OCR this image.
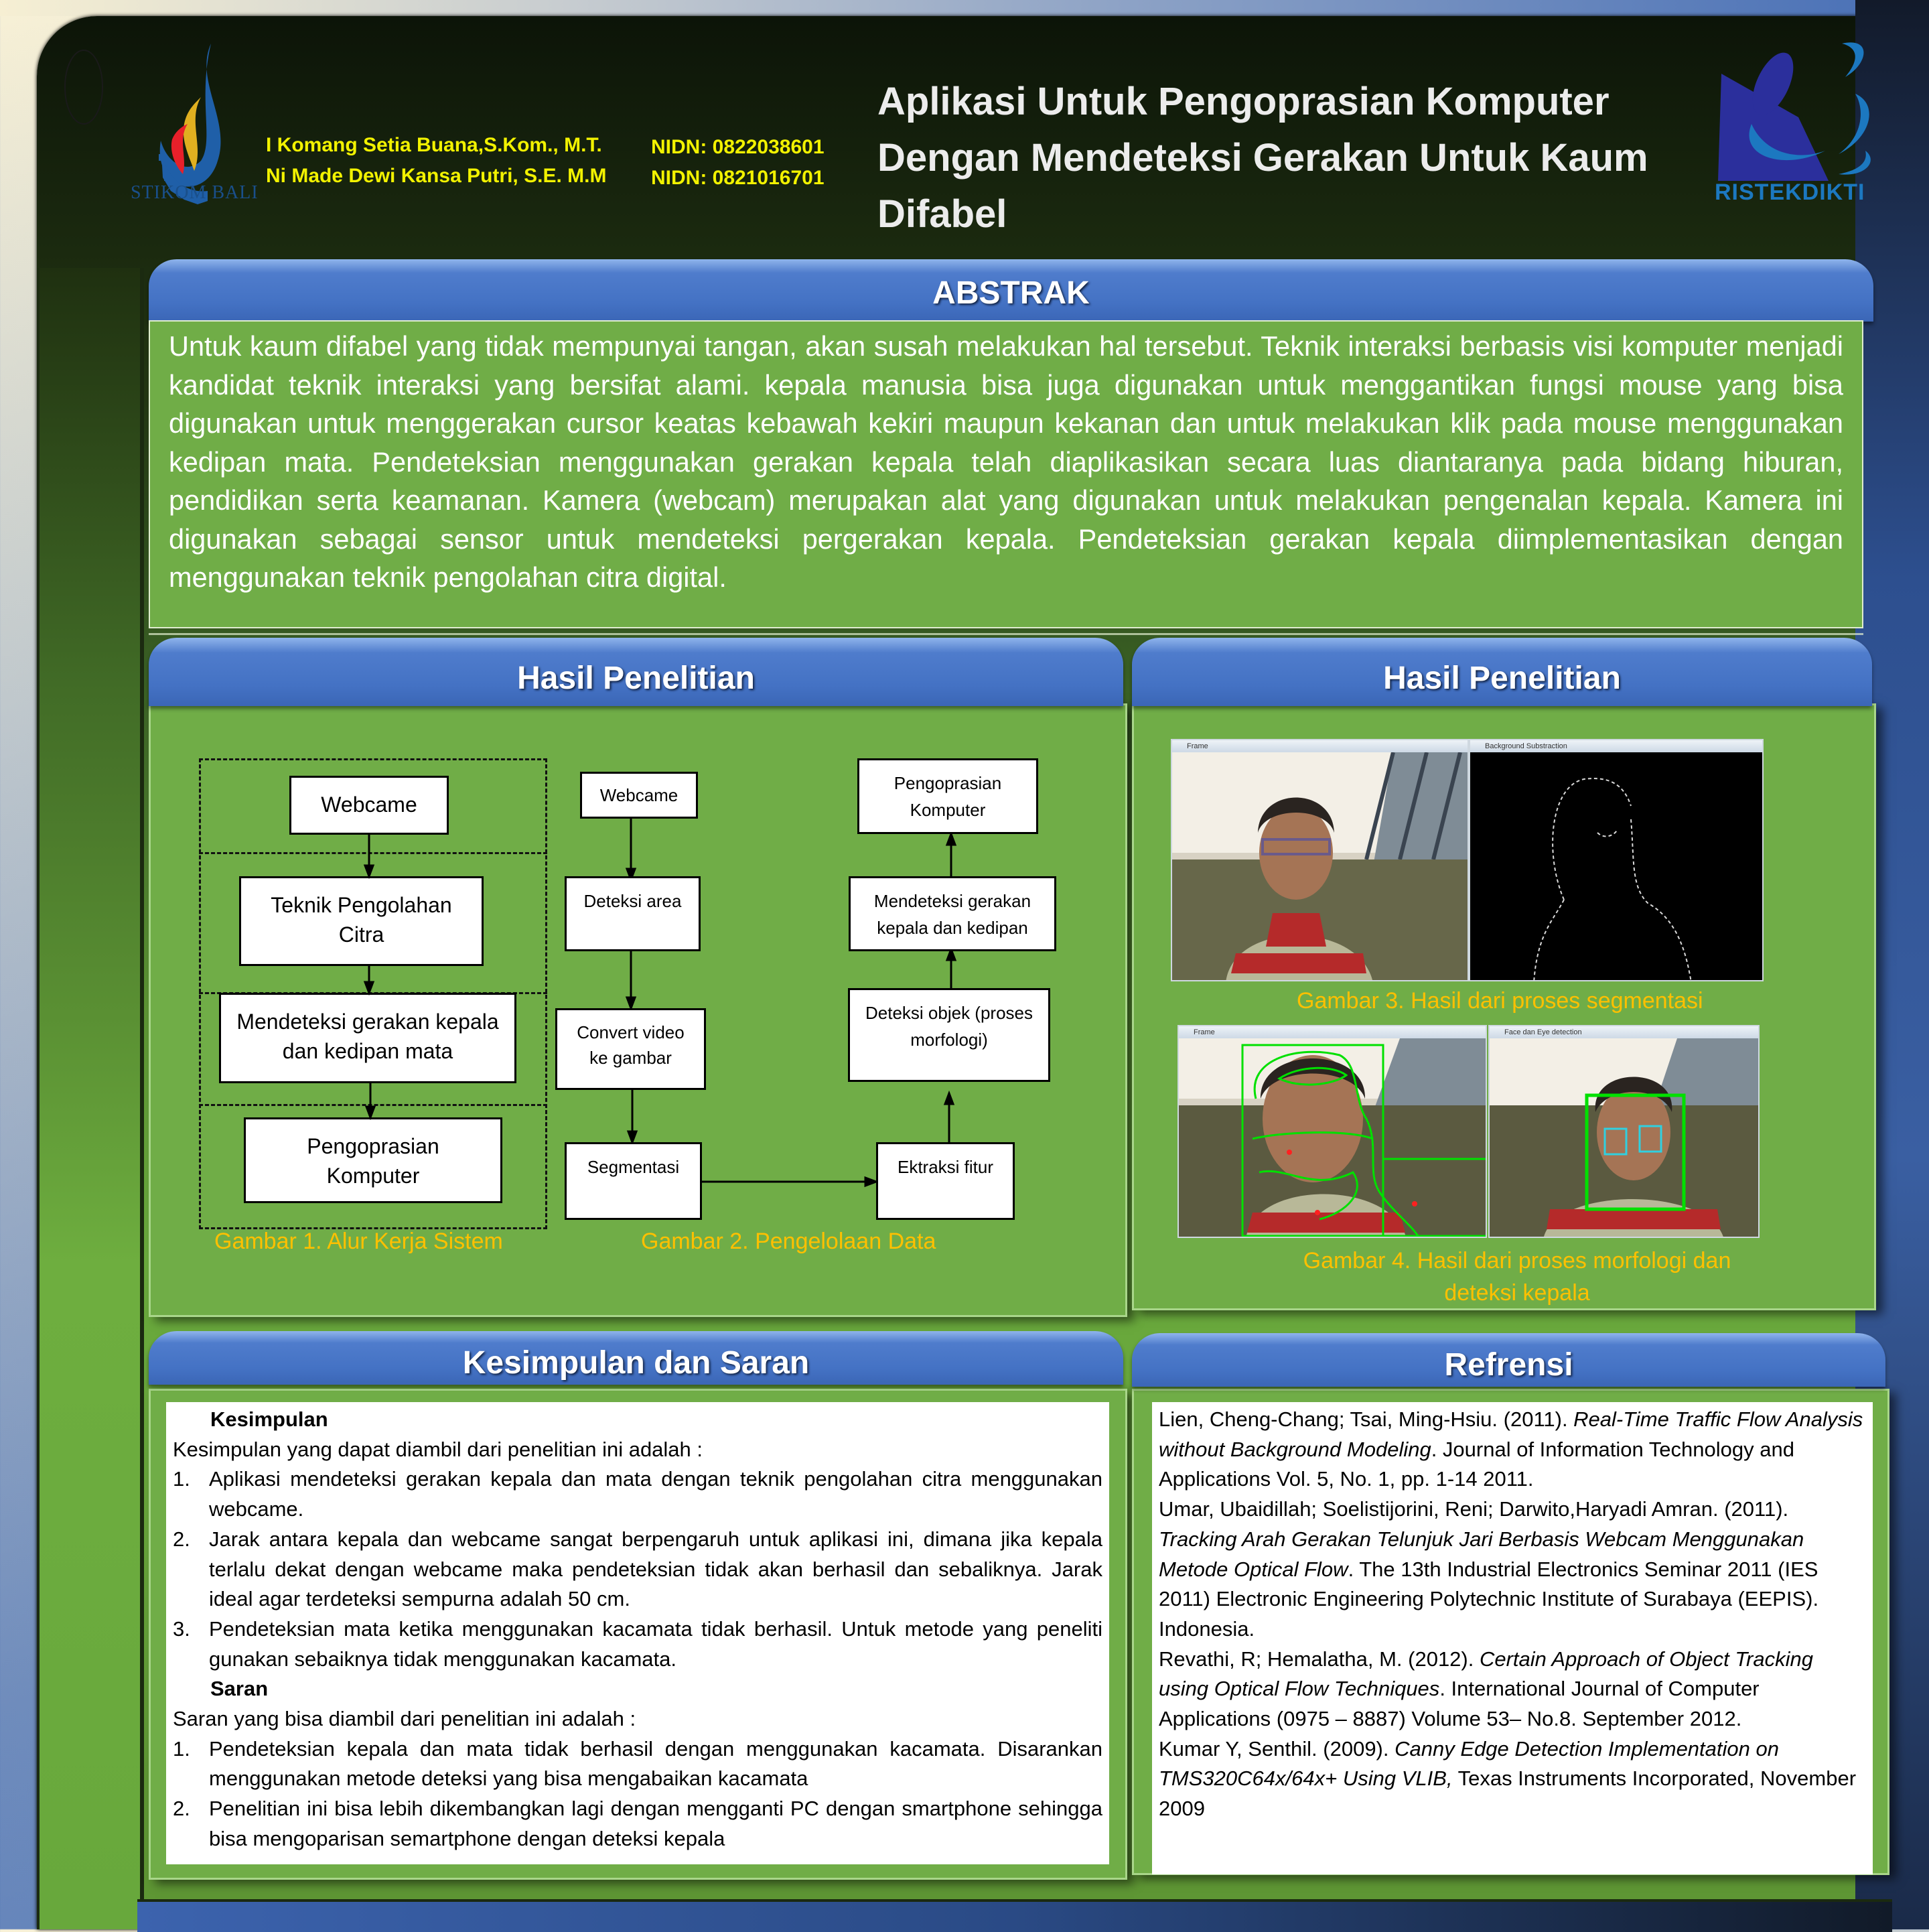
STIKOM BALI
I Komang Setia Buana,S.Kom., M.T. NIDN: 0822038601
Ni Made Dewi Kansa Putri, S.E. M.M NIDN: 0821016701
Aplikasi Untuk Pengoprasian Komputer
Dengan Mendeteksi Gerakan Untuk Kaum
Difabel	RISTEKDIKTI
ABSTRAK
Untuk kaum difabel yang tidak mempunyai tangan, akan susah melakukan hal tersebut. Teknik interaksi berbasis visi komputer menjadi kandidat teknik interaksi yang bersifat alami. kepala manusia bisa juga digunakan untuk menggantikan fungsi mouse yang bisa digunakan untuk menggerakan cursor keatas kebawah kekiri maupun kekanan dan untuk melakukan klik pada mouse menggunakan kedipan mata. Pendeteksian menggunakan gerakan kepala telah diaplikasikan secara luas diantaranya pada bidang hiburan, pendidikan serta keamanan. Kamera (webcam) merupakan alat yang digunakan untuk melakukan pengenalan kepala. Kamera ini digunakan sebagai sensor untuk mendeteksi pergerakan kepala. Pendeteksian gerakan kepala diimplementasikan dengan menggunakan teknik pengolahan citra digital.
Hasil Penelitian
Webcame
Teknik Pengolahan Citra
Mendeteksi gerakan kepala dan kedipan mata
Pengoprasian Komputer
Webcame
Deteksi area
Convert video ke gambar
Segmentasi	Ektraksi fitur
Deteksi objek (proses morfologi)
Mendeteksi gerakan kepala dan kedipan
Pengoprasian Komputer
Gambar 1. Alur Kerja Sistem	Gambar 2. Pengelolaan Data
Hasil Penelitian
Frame	Background Substraction
Gambar 3. Hasil dari proses segmentasi
Frame	Face dan Eye detection
Gambar 4. Hasil dari proses morfologi dan
deteksi kepala
Kesimpulan dan Saran

Kesimpulan

Kesimpulan yang dapat diambil dari penelitian ini adalah :

1. Aplikasi mendeteksi gerakan kepala dan mata dengan teknik pengolahan citra menggunakan webcame.
2. Jarak antara kepala dan webcame sangat berpengaruh untuk aplikasi ini, dimana jika kepala terlalu dekat dengan webcame maka pendeteksian tidak akan berhasil dan sebaliknya. Jarak ideal agar terdeteksi sempurna adalah 50 cm.
3. Pendeteksian mata ketika menggunakan kacamata tidak berhasil. Untuk metode yang peneliti gunakan sebaiknya tidak menggunakan kacamata.

Saran

Saran yang bisa diambil dari penelitian ini adalah :

1. Pendeteksian kepala dan mata tidak berhasil dengan menggunakan kacamata. Disarankan menggunakan metode deteksi yang bisa mengabaikan kacamata
2. Penelitian ini bisa lebih dikembangkan lagi dengan mengganti PC dengan smartphone sehingga bisa mengoparisan semartphone dengan deteksi kepala
Refrensi

Lien, Cheng-Chang; Tsai, Ming-Hsiu. (2011). Real-Time Traffic Flow Analysis without Background Modeling. Journal of Information Technology and Applications Vol. 5, No. 1, pp. 1-14 2011.

Umar, Ubaidillah; Soelistijorini, Reni; Darwito,Haryadi Amran. (2011). Tracking Arah Gerakan Telunjuk Jari Berbasis Webcam Menggunakan Metode Optical Flow. The 13th Industrial Electronics Seminar 2011 (IES 2011) Electronic Engineering Polytechnic Institute of Surabaya (EEPIS). Indonesia.

Revathi, R; Hemalatha, M. (2012). Certain Approach of Object Tracking using Optical Flow Techniques. International Journal of Computer Applications (0975 – 8887) Volume 53– No.8. September 2012.

Kumar Y, Senthil. (2009). Canny Edge Detection Implementation on TMS320C64x/64x+ Using VLIB, Texas Instruments Incorporated, November 2009
